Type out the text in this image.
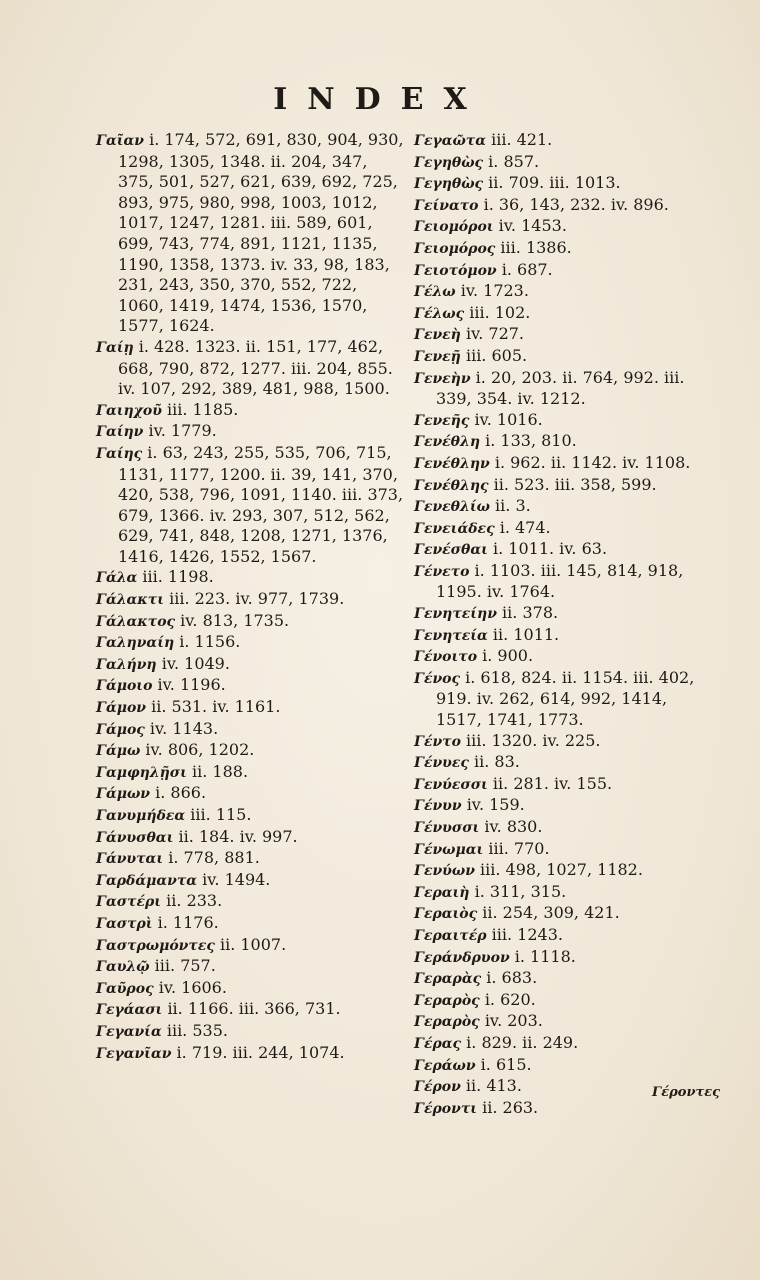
INDEX
Γαῖαν i. 174, 572, 691, 830, 904, 930, 1298, 1305, 1348. ii. 204, 347, 375, 501, 527, 621, 639, 692, 725, 893, 975, 980, 998, 1003, 1012, 1017, 1247, 1281. iii. 589, 601, 699, 743, 774, 891, 1121, 1135, 1190, 1358, 1373. iv. 33, 98, 183, 231, 243, 350, 370, 552, 722, 1060, 1419, 1474, 1536, 1570, 1577, 1624.
Γαίῃ i. 428. 1323. ii. 151, 177, 462, 668, 790, 872, 1277. iii. 204, 855. iv. 107, 292, 389, 481, 988, 1500.
Γαιηχοῦ iii. 1185.
Γαίην iv. 1779.
Γαίης i. 63, 243, 255, 535, 706, 715, 1131, 1177, 1200. ii. 39, 141, 370, 420, 538, 796, 1091, 1140. iii. 373, 679, 1366. iv. 293, 307, 512, 562, 629, 741, 848, 1208, 1271, 1376, 1416, 1426, 1552, 1567.
Γάλα iii. 1198.
Γάλακτι iii. 223. iv. 977, 1739.
Γάλακτος iv. 813, 1735.
Γαληναίη i. 1156.
Γαλήνη iv. 1049.
Γάμοιο iv. 1196.
Γάμον ii. 531. iv. 1161.
Γάμος iv. 1143.
Γάμω iv. 806, 1202.
Γαμφηλῇσι ii. 188.
Γάμων i. 866.
Γανυμήδεα iii. 115.
Γάνυσθαι ii. 184. iv. 997.
Γάνυται i. 778, 881.
Γαρδάμαντα iv. 1494.
Γαστέρι ii. 233.
Γαστρὶ i. 1176.
Γαστρωμόντες ii. 1007.
Γαυλῷ iii. 757.
Γαῦρος iv. 1606.
Γεγάασι ii. 1166. iii. 366, 731.
Γεγανία iii. 535.
Γεγανῖαν i. 719. iii. 244, 1074.
Γεγαῶτα iii. 421.
Γεγηθὼς i. 857.
Γεγηθὼς ii. 709. iii. 1013.
Γείνατο i. 36, 143, 232. iv. 896.
Γειομόροι iv. 1453.
Γειομόρος iii. 1386.
Γειοτόμον i. 687.
Γέλω iv. 1723.
Γέλως iii. 102.
Γενεὴ iv. 727.
Γενεῇ iii. 605.
Γενεὴν i. 20, 203. ii. 764, 992. iii. 339, 354. iv. 1212.
Γενεῆς iv. 1016.
Γενέθλη i. 133, 810.
Γενέθλην i. 962. ii. 1142. iv. 1108.
Γενέθλης ii. 523. iii. 358, 599.
Γενεθλίω ii. 3.
Γενειάδες i. 474.
Γενέσθαι i. 1011. iv. 63.
Γένετο i. 1103. iii. 145, 814, 918, 1195. iv. 1764.
Γενητείην ii. 378.
Γενητεία ii. 1011.
Γένοιτο i. 900.
Γένος i. 618, 824. ii. 1154. iii. 402, 919. iv. 262, 614, 992, 1414, 1517, 1741, 1773.
Γέντο iii. 1320. iv. 225.
Γένυες ii. 83.
Γενύεσσι ii. 281. iv. 155.
Γένυν iv. 159.
Γένυσσι iv. 830.
Γένωμαι iii. 770.
Γενύων iii. 498, 1027, 1182.
Γεραιὴ i. 311, 315.
Γεραιὸς ii. 254, 309, 421.
Γεραιτέρ iii. 1243.
Γεράνδρυον i. 1118.
Γεραρὰς i. 683.
Γεραρὸς i. 620.
Γεραρὸς iv. 203.
Γέρας i. 829. ii. 249.
Γεράων i. 615.
Γέρον ii. 413.
Γέροντι ii. 263.
Γέροντες
